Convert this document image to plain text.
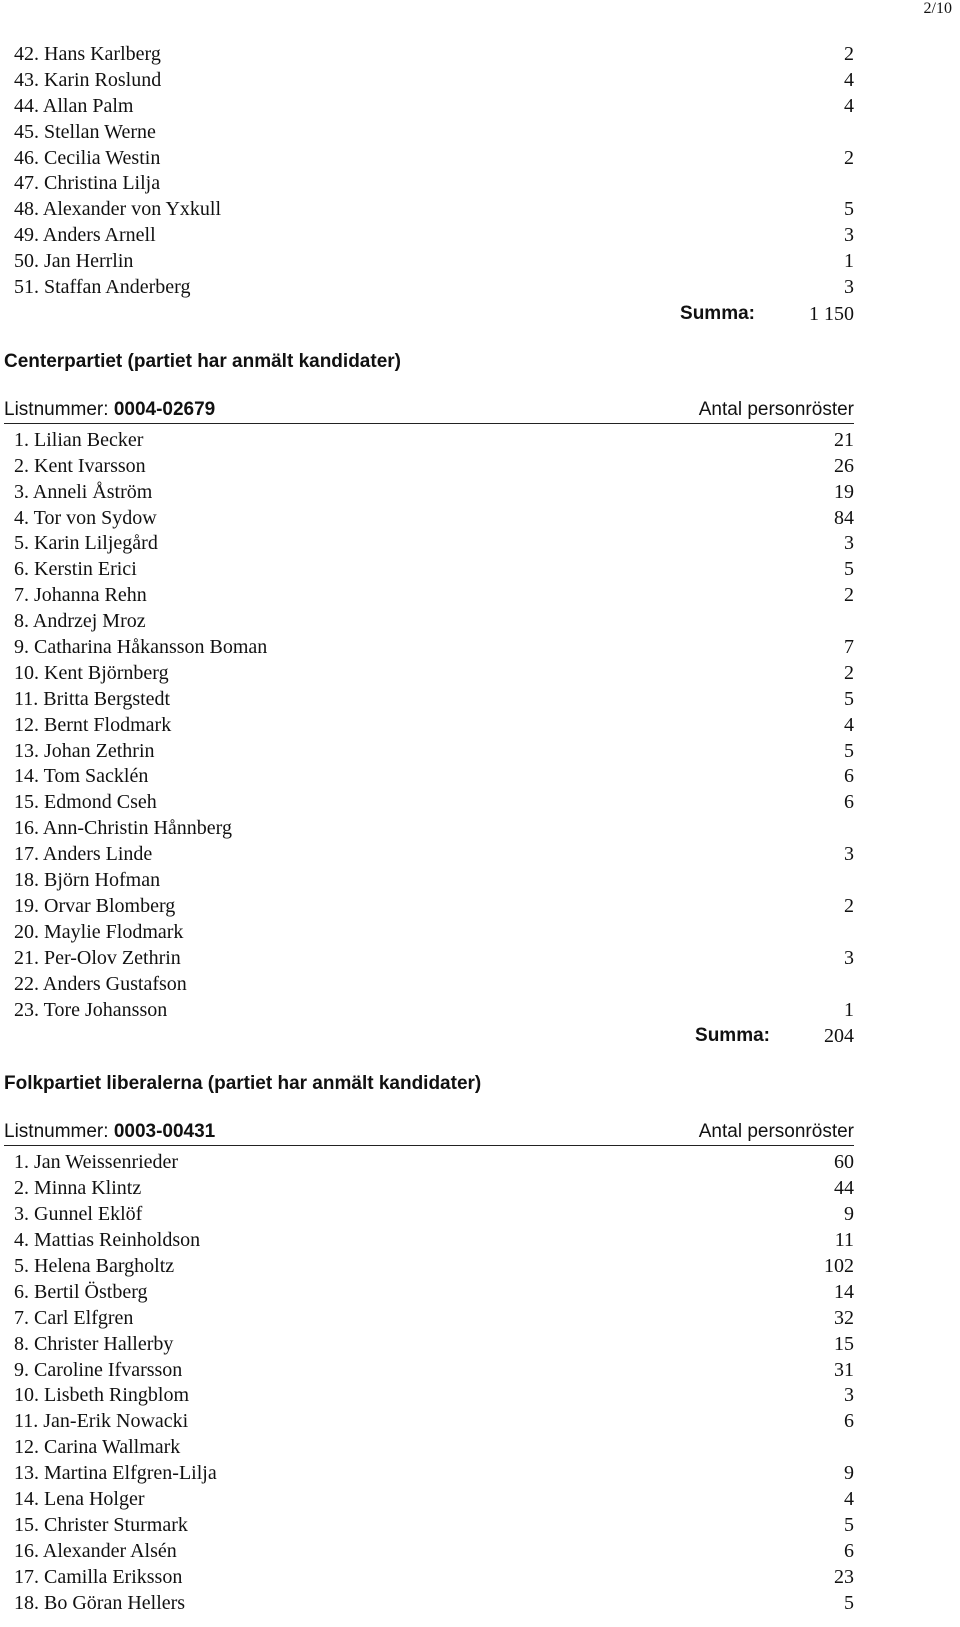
2/10
42. Hans Karlberg	2
43. Karin Roslund	4
44. Allan Palm	4
45. Stellan Werne
46. Cecilia Westin	2
47. Christina Lilja
48. Alexander von Yxkull	5
49. Anders Arnell	3
50. Jan Herrlin	1
51. Staffan Anderberg	3
Summa:	1 150
Centerpartiet (partiet har anmält kandidater)
Listnummer: 0004-02679	Antal personröster
1. Lilian Becker	21
2. Kent Ivarsson	26
3. Anneli Åström	19
4. Tor von Sydow	84
5. Karin Liljegård	3
6. Kerstin Erici	5
7. Johanna Rehn	2
8. Andrzej Mroz
9. Catharina Håkansson Boman	7
10. Kent Björnberg	2
11. Britta Bergstedt	5
12. Bernt Flodmark	4
13. Johan Zethrin	5
14. Tom Sacklén	6
15. Edmond Cseh	6
16. Ann-Christin Hånnberg
17. Anders Linde	3
18. Björn Hofman
19. Orvar Blomberg	2
20. Maylie Flodmark
21. Per-Olov Zethrin	3
22. Anders Gustafson
23. Tore Johansson	1
Summa:	204
Folkpartiet liberalerna (partiet har anmält kandidater)
Listnummer: 0003-00431	Antal personröster
1. Jan Weissenrieder	60
2. Minna Klintz	44
3. Gunnel Eklöf	9
4. Mattias Reinholdson	11
5. Helena Bargholtz	102
6. Bertil Östberg	14
7. Carl Elfgren	32
8. Christer Hallerby	15
9. Caroline Ifvarsson	31
10. Lisbeth Ringblom	3
11. Jan-Erik Nowacki	6
12. Carina Wallmark
13. Martina Elfgren-Lilja	9
14. Lena Holger	4
15. Christer Sturmark	5
16. Alexander Alsén	6
17. Camilla Eriksson	23
18. Bo Göran Hellers	5
